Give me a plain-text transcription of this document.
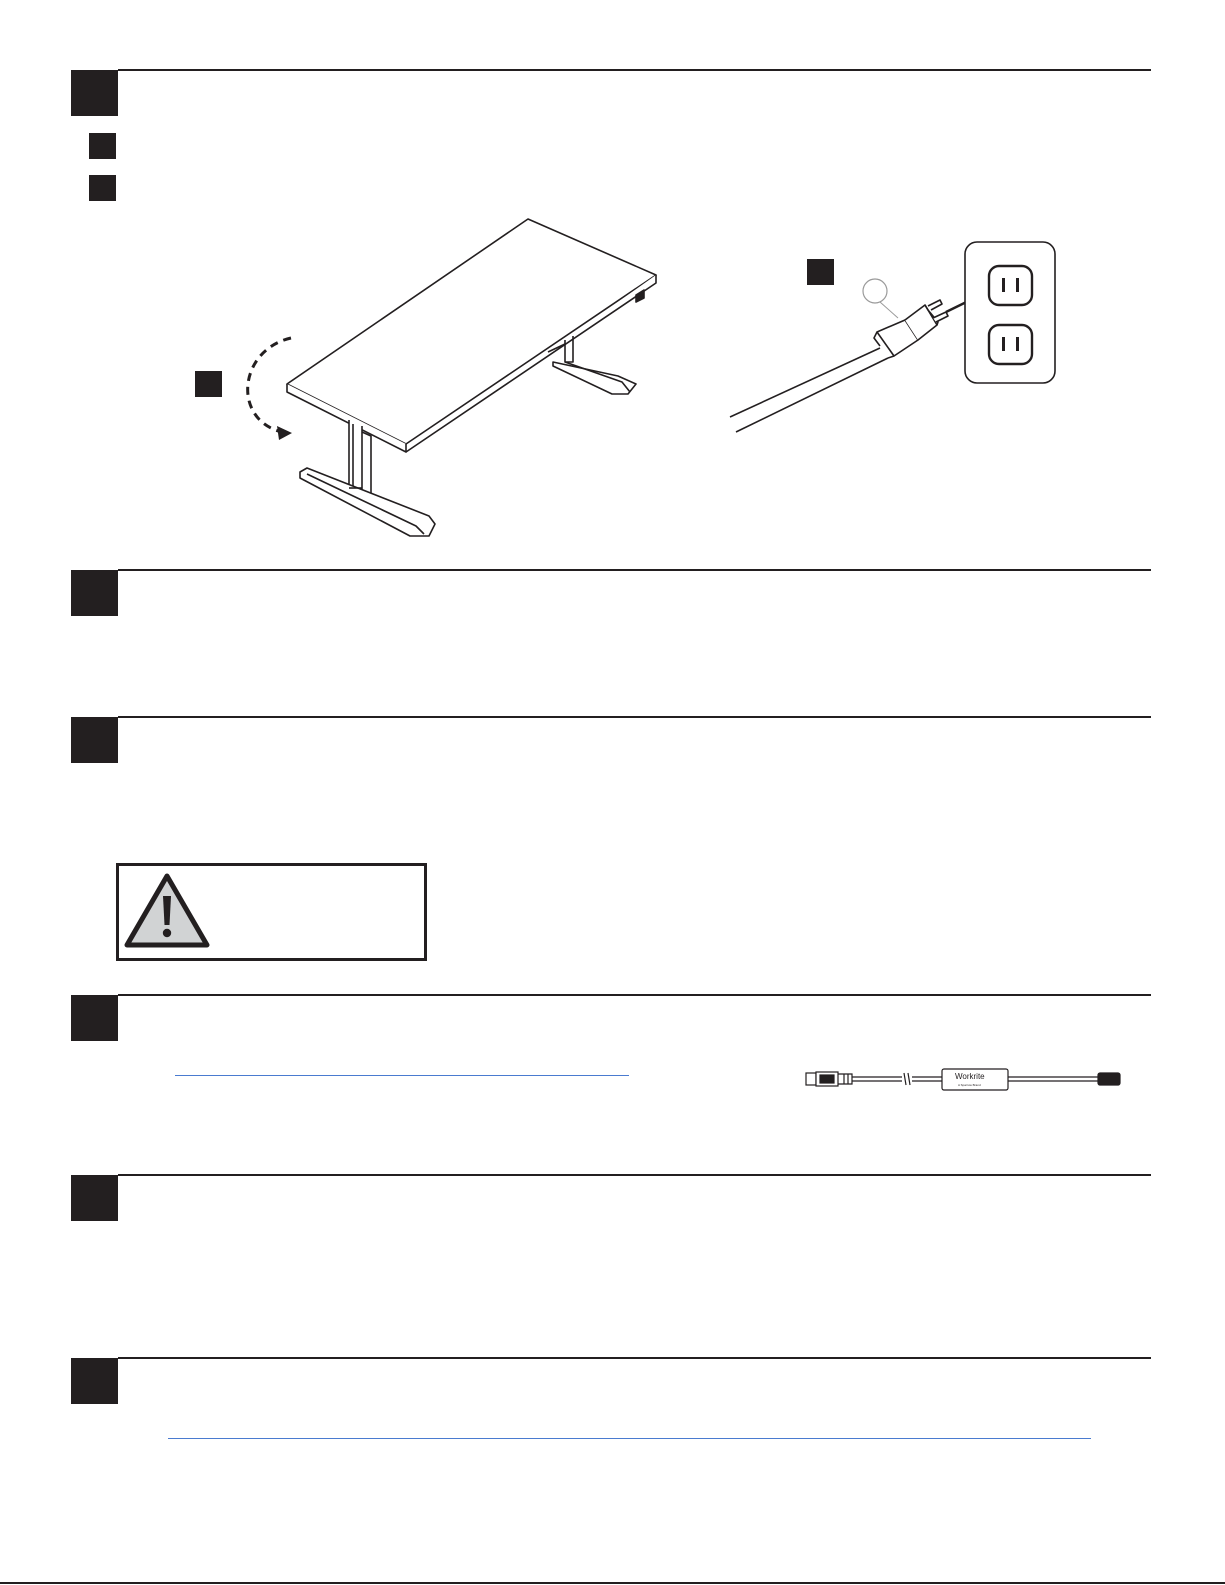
Workrite
A Sparrow Brand
